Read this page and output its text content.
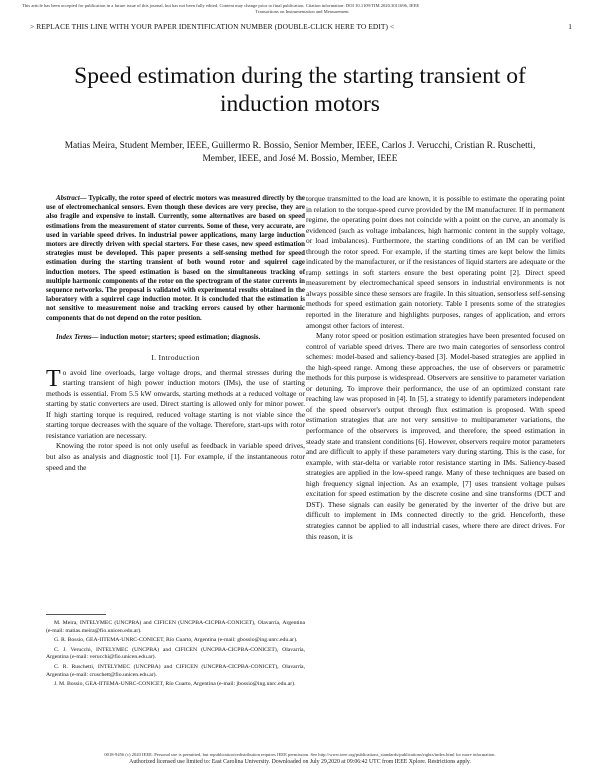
This article has been accepted for publication in a future issue of this journal, but has not been fully edited. Content may change prior to final publication. Citation information: DOI 10.1109/TIM.2020.3011696, IEEE
Transactions on Instrumentation and Measurement
> REPLACE THIS LINE WITH YOUR PAPER IDENTIFICATION NUMBER (DOUBLE-CLICK HERE TO EDIT) <	1
Speed estimation during the starting transient of induction motors
Matias Meira, Student Member, IEEE, Guillermo R. Bossio, Senior Member, IEEE, Carlos J. Verucchi, Cristian R. Ruschetti, Member, IEEE, and José M. Bossio, Member, IEEE

Abstract— Typically, the rotor speed of electric motors was measured directly by the use of electromechanical sensors. Even though these devices are very precise, they are also fragile and expensive to install. Currently, some alternatives are based on speed estimations from the measurement of stator currents. Some of these, very accurate, are used in variable speed drives. In industrial power applications, many large induction motors are directly driven with special starters. For these cases, new speed estimation strategies must be developed. This paper presents a self-sensing method for speed estimation during the starting transient of both wound rotor and squirrel cage induction motors. The speed estimation is based on the simultaneous tracking of multiple harmonic components of the rotor on the spectrogram of the stator currents in sequence networks. The proposal is validated with experimental results obtained in the laboratory with a squirrel cage induction motor. It is concluded that the estimation is not sensitive to measurement noise and tracking errors caused by other harmonic components that do not depend on the rotor position.

Index Terms— induction motor; starters; speed estimation; diagnosis.

I. Introduction

To avoid line overloads, large voltage drops, and thermal stresses during the starting transient of high power induction motors (IMs), the use of starting methods is essential. From 5.5 kW onwards, starting methods at a reduced voltage or starting by static converters are used. Direct starting is allowed only for minor power. If high starting torque is required, reduced voltage starting is not viable since the starting torque decreases with the square of the voltage. Therefore, start-ups with rotor resistance variation are necessary.

Knowing the rotor speed is not only useful as feedback in variable speed drives, but also as analysis and diagnostic tool [1]. For example, if the instantaneous rotor speed and the

M. Meira, INTELYMEC (UNCPBA) and CIFICEN (UNCPBA-CICPBA-CONICET), Olavarría, Argentina (e-mail: matias.meira@fio.unicen.edu.ar).

G. R. Bossio, GEA-IITEMA-UNRC-CONICET, Río Cuarto, Argentina (e-mail: gbossio@ing.unrc.edu.ar).

C. J. Verucchi, INTELYMEC (UNCPBA) and CIFICEN (UNCPBA-CICPBA-CONICET), Olavarría, Argentina (e-mail: verucchi@fio.unicen.edu.ar).

C. R. Ruschetti, INTELYMEC (UNCPBA) and CIFICEN (UNCPBA-CICPBA-CONICET), Olavarría, Argentina (e-mail: cruschett@fio.unicen.edu.ar).

J. M. Bossio, GEA-IITEMA-UNRC-CONICET, Río Cuarto, Argentina (e-mail: jbossio@ing.unrc.edu.ar).

torque transmitted to the load are known, it is possible to estimate the operating point in relation to the torque-speed curve provided by the IM manufacturer. If in permanent regime, the operating point does not coincide with a point on the curve, an anomaly is evidenced (such as voltage imbalances, high harmonic content in the supply voltage, or load imbalances). Furthermore, the starting conditions of an IM can be verified through the rotor speed. For example, if the starting times are kept below the limits indicated by the manufacturer, or if the resistances of liquid starters are adequate or the ramp settings in soft starters ensure the best operating point [2]. Direct speed measurement by electromechanical speed sensors in industrial environments is not always possible since these sensors are fragile. In this situation, sensorless self-sensing methods for speed estimation gain notoriety. Table I presents some of the strategies reported in the literature and highlights purposes, ranges of application, and errors amongst other factors of interest.

Many rotor speed or position estimation strategies have been presented focused on control of variable speed drives. There are two main categories of sensorless control schemes: model-based and saliency-based [3]. Model-based strategies are applied in the high-speed range. Among these approaches, the use of observers or parametric methods for this purpose is widespread. Observers are sensitive to parameter variation or detuning. To improve their performance, the use of an optimized constant rate reaching law was proposed in [4]. In [5], a strategy to identify parameters independent of the speed observer's output through flux estimation is proposed. With speed estimation strategies that are not very sensitive to multiparameter variations, the performance of the observers is improved, and therefore, the speed estimation in steady state and transient conditions [6]. However, observers require motor parameters and are difficult to apply if these parameters vary during starting. This is the case, for example, with star-delta or variable rotor resistance starting in IMs. Saliency-based strategies are applied in the low-speed range. Many of these techniques are based on high frequency signal injection. As an example, [7] uses transient voltage pulses excitation for speed estimation by the discrete cosine and sine transforms (DCT and DST). These signals can easily be generated by the inverter of the drive but are difficult to implement in IMs connected directly to the grid. Henceforth, these strategies cannot be applied to all industrial cases, where there are direct drives. For this reason, it is

0018-9456 (c) 2020 IEEE. Personal use is permitted, but republication/redistribution requires IEEE permission. See http://www.ieee.org/publications_standards/publications/rights/index.html for more information.
Authorized licensed use limited to: East Carolina University. Downloaded on July 29,2020 at 09:06:42 UTC from IEEE Xplore. Restrictions apply.
